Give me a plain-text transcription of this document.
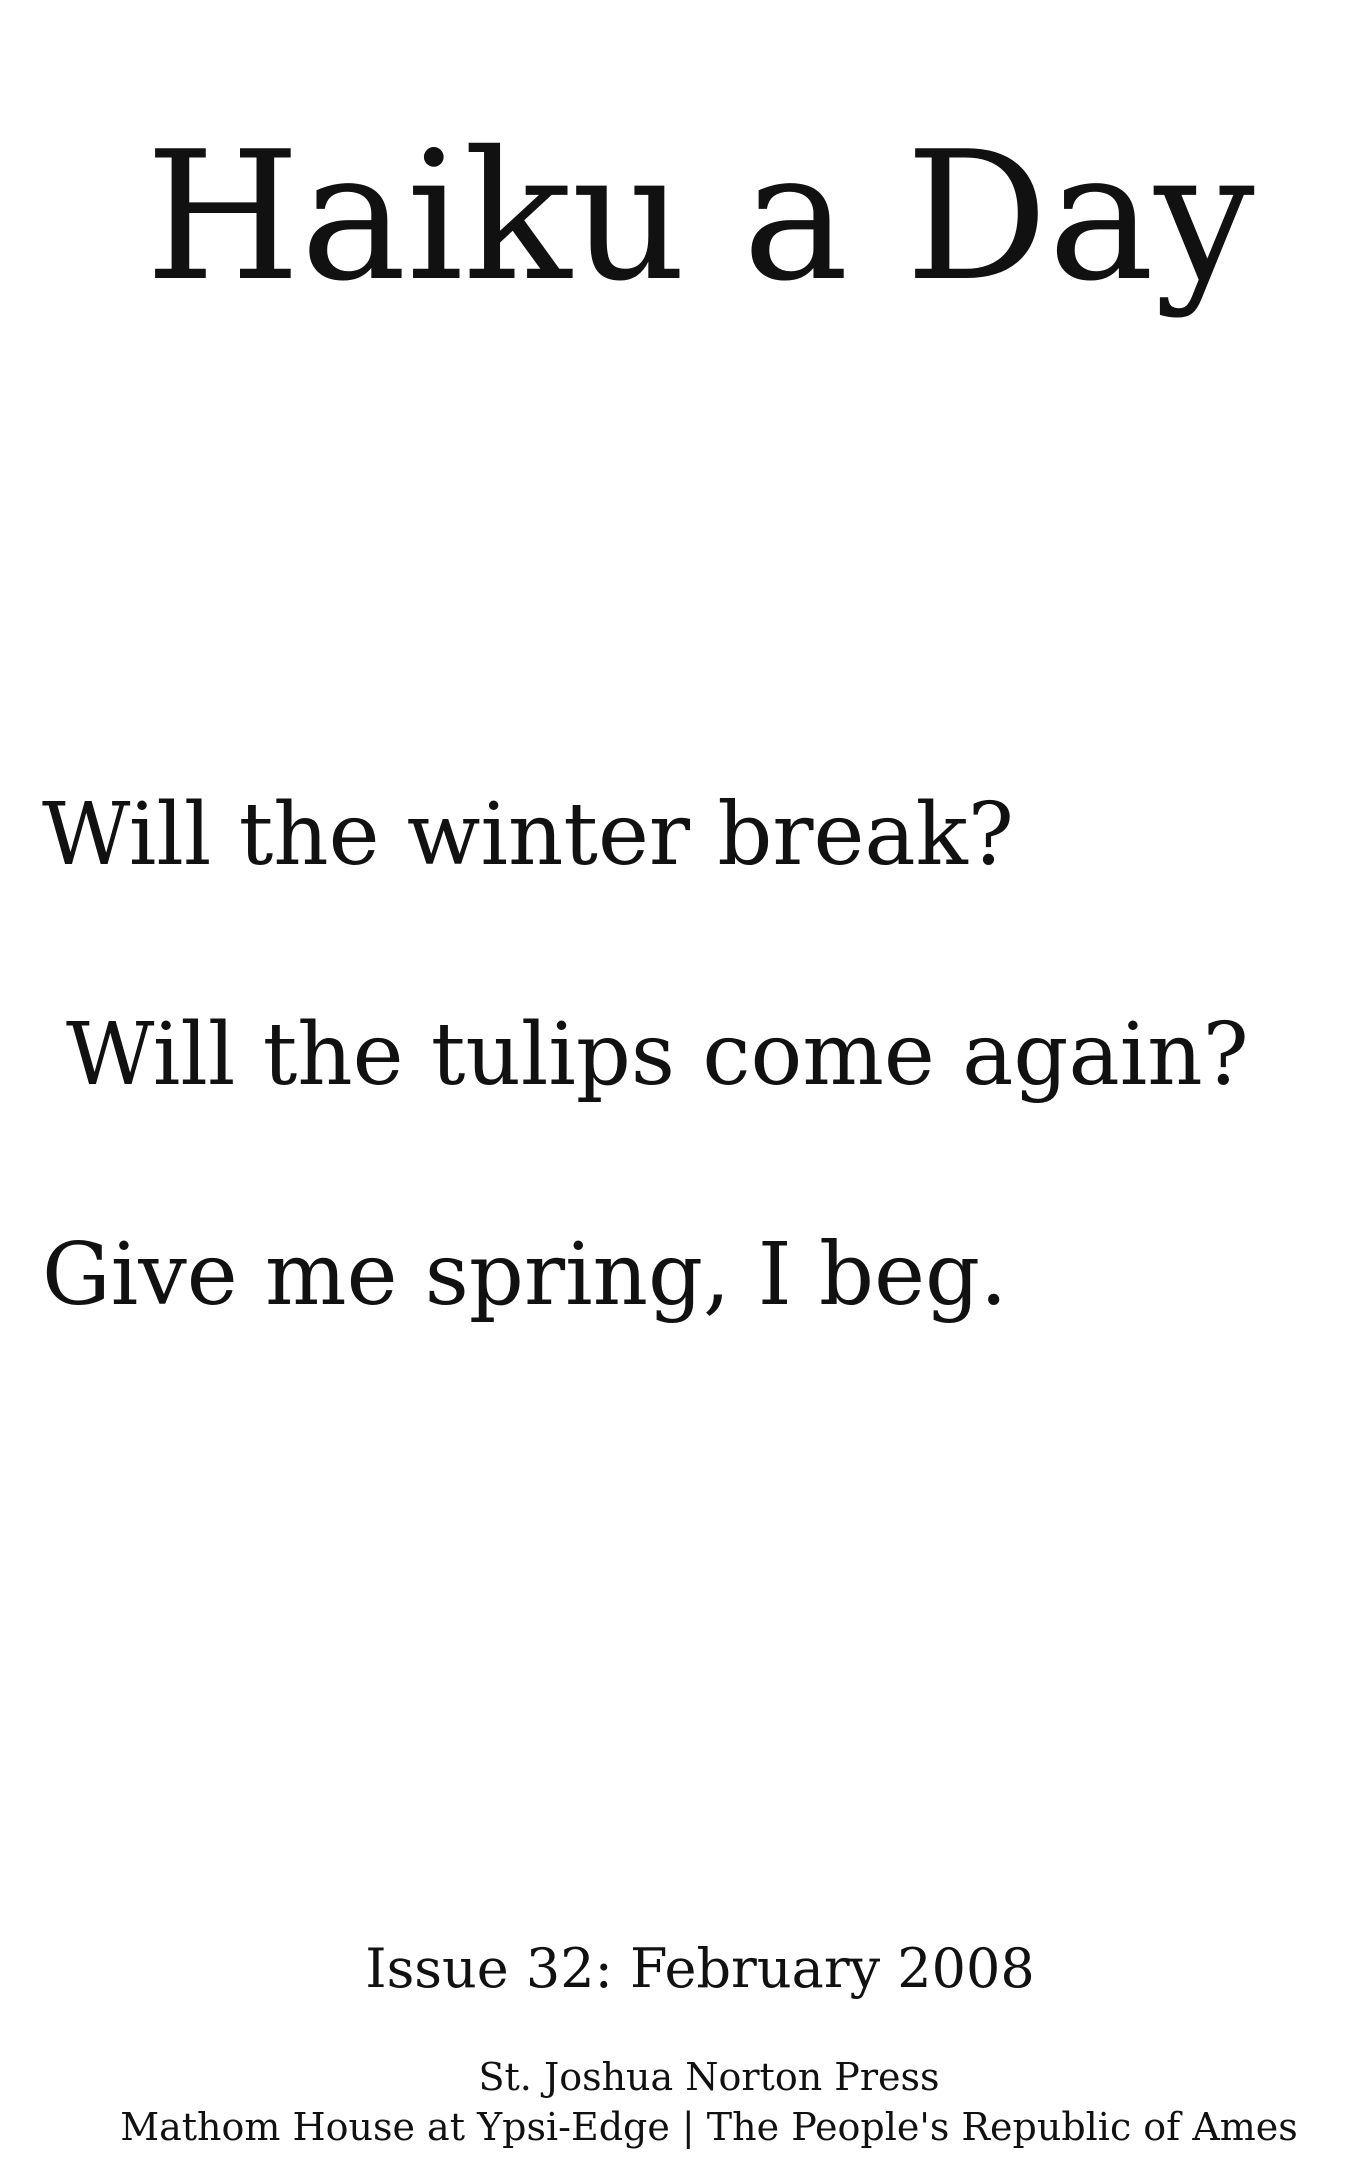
Haiku a Day

Will the winter break?

Will the tulips come again?

Give me spring, I beg.

Issue 32: February 2008

St. Joshua Norton Press

Mathom House at Ypsi-Edge | The People's Republic of Ames
